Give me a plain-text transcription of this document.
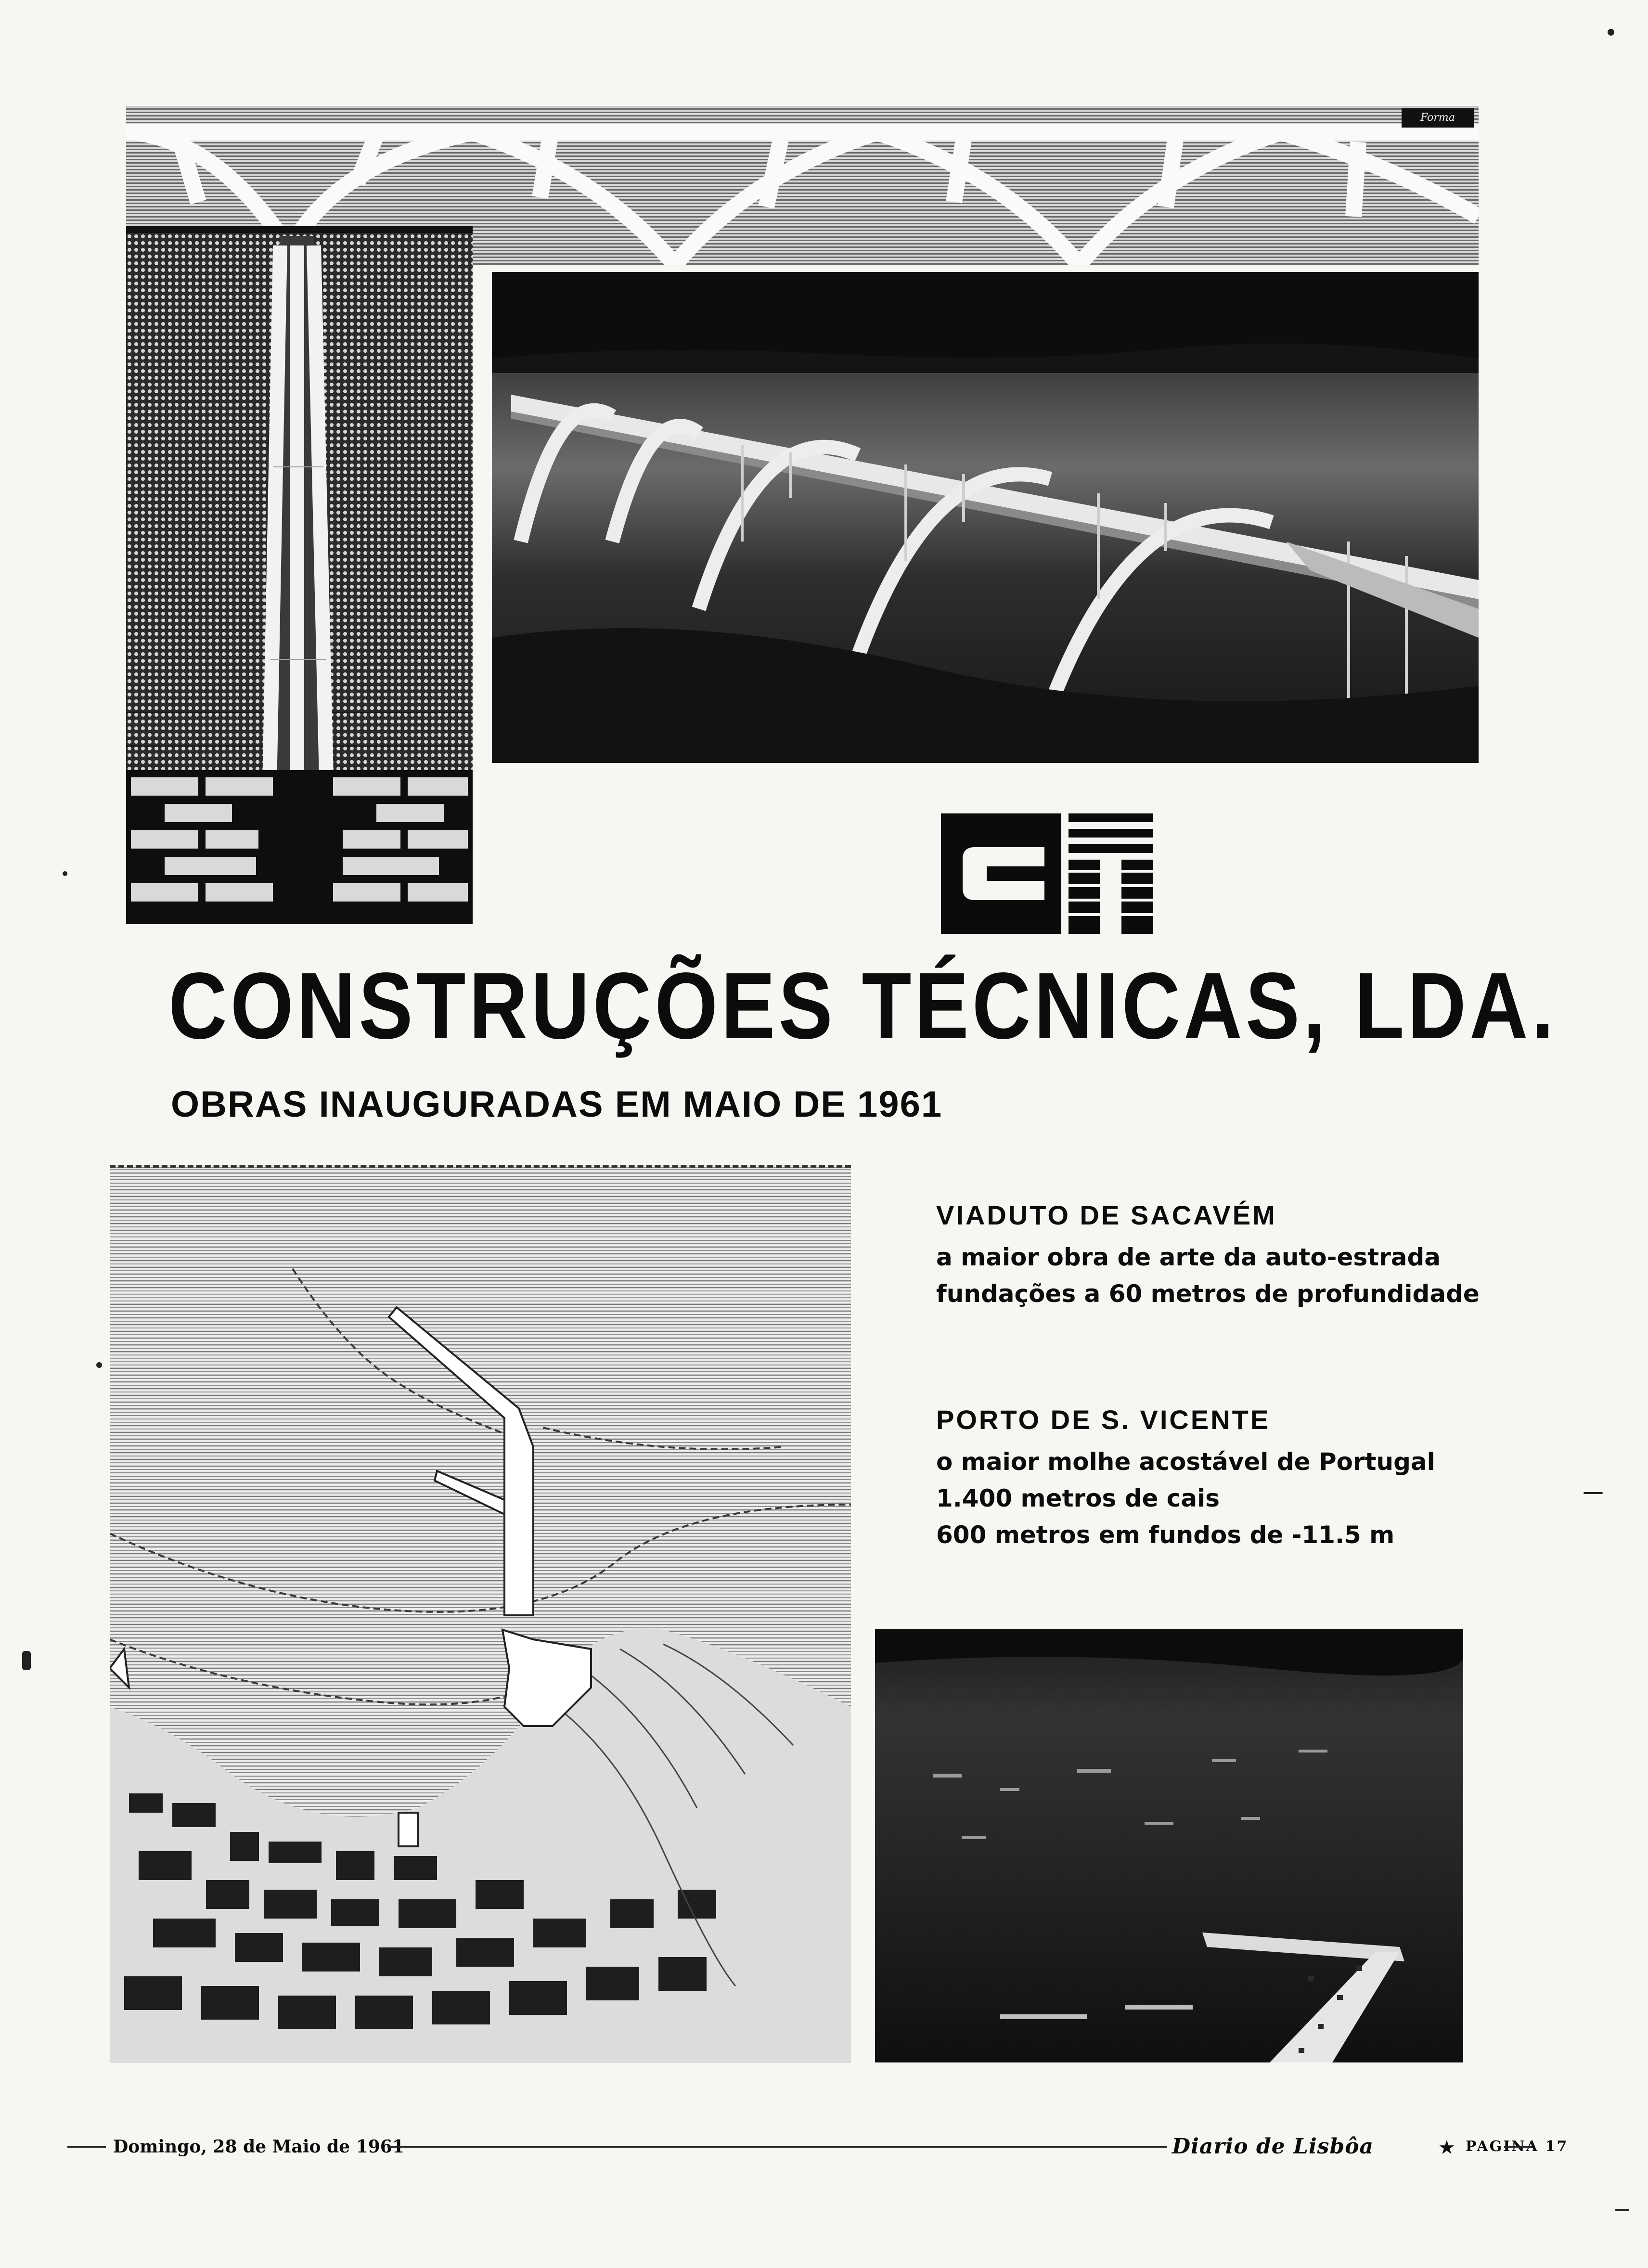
Forma
CONSTRUÇÕES TÉCNICAS, LDA.
OBRAS INAUGURADAS EM MAIO DE 1961
VIADUTO DE SACAVÉM
a maior obra de arte da auto-estrada
fundações a 60 metros de profundidade
PORTO DE S. VICENTE
o maior molhe acostável de Portugal
1.400 metros de cais
600 metros em fundos de -11.5 m
Domingo, 28 de Maio de 1961	Diario de Lisbôa	★ PAGINA 17
